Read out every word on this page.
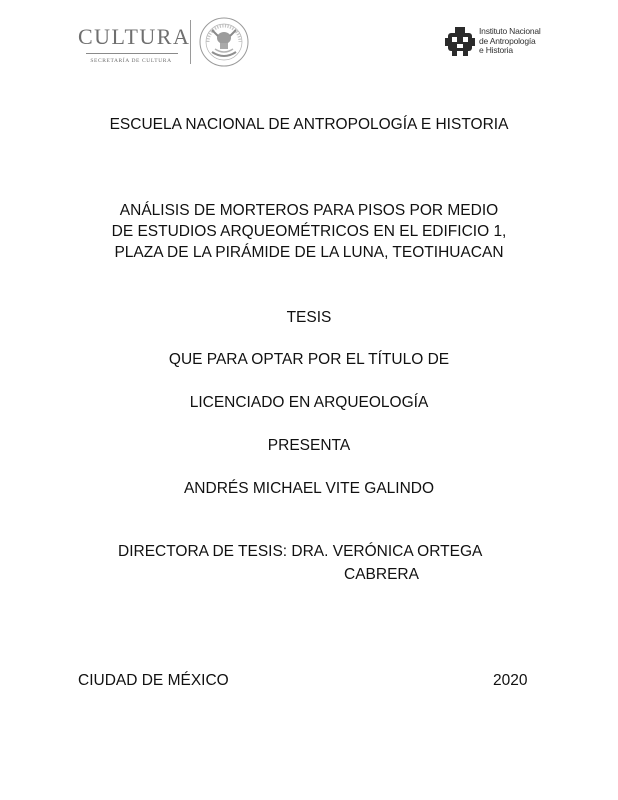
CULTURA
SECRETARÍA DE CULTURA
Instituto Nacional
de Antropología
e Historia
ESCUELA NACIONAL DE ANTROPOLOGÍA E HISTORIA
ANÁLISIS DE MORTEROS PARA PISOS POR MEDIO
DE ESTUDIOS ARQUEOMÉTRICOS EN EL EDIFICIO 1,
PLAZA DE LA PIRÁMIDE DE LA LUNA, TEOTIHUACAN
TESIS
QUE PARA OPTAR POR EL TÍTULO DE
LICENCIADO EN ARQUEOLOGÍA
PRESENTA
ANDRÉS MICHAEL VITE GALINDO
DIRECTORA DE TESIS: DRA. VERÓNICA ORTEGA
CABRERA
CIUDAD DE MÉXICO	2020
